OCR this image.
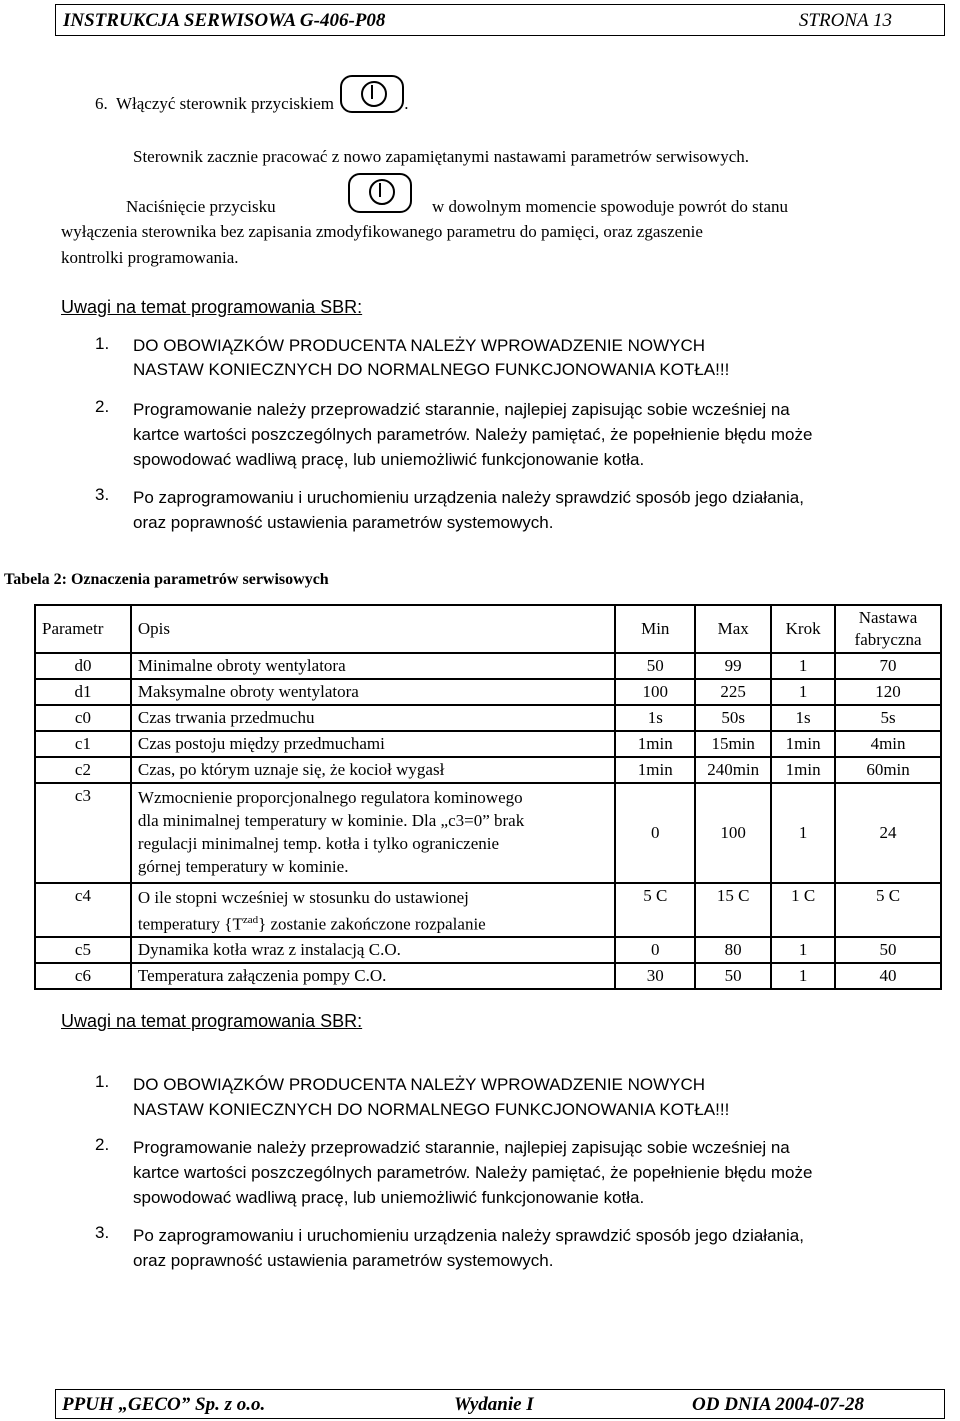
INSTRUKCJA SERWISOWA G-406-P08	STRONA 13
6. Włączyć sterownik przyciskiem	.
Sterownik zacznie pracować z nowo zapamiętanymi nastawami parametrów serwisowych.
Naciśnięcie przycisku	w dowolnym momencie spowoduje powrót do stanu
wyłączenia sterownika bez zapisania zmodyfikowanego parametru do pamięci, oraz zgaszenie
kontrolki programowania.
Uwagi na temat programowania SBR:
1. DO OBOWIĄZKÓW PRODUCENTA NALEŻY WPROWADZENIE NOWYCH
NASTAW KONIECZNYCH DO NORMALNEGO FUNKCJONOWANIA KOTŁA!!!
2. Programowanie należy przeprowadzić starannie, najlepiej zapisując sobie wcześniej na
kartce wartości poszczególnych parametrów. Należy pamiętać, że popełnienie błędu może
spowodować wadliwą pracę, lub uniemożliwić funkcjonowanie kotła.
3. Po zaprogramowaniu i uruchomieniu urządzenia należy sprawdzić sposób jego działania,
oraz poprawność ustawienia parametrów systemowych.
Tabela 2: Oznaczenia parametrów serwisowych
Parametr	Opis	Min	Max	Krok	Nastawa
fabryczna

d0	Minimalne obroty wentylatora	50	99	1	70
d1	Maksymalne obroty wentylatora	100	225	1	120
c0	Czas trwania przedmuchu	1s	50s	1s	5s
c1	Czas postoju między przedmuchami	1min	15min	1min	4min
c2	Czas, po którym uznaje się, że kocioł wygasł	1min	240min	1min	60min
c3	Wzmocnienie proporcjonalnego regulatora kominowego
dla minimalnej temperatury w kominie. Dla „c3=0” brak
regulacji minimalnej temp. kotła i tylko ograniczenie
górnej temperatury w kominie.	0	100	1	24
c4	O ile stopni wcześniej w stosunku do ustawionej
temperatury $\{T^{zad}\}$ zostanie zakończone rozpalanie	5 C	15 C	1 C	5 C
c5	Dynamika kotła wraz z instalacją C.O.	0	80	1	50
c6	Temperatura załączenia pompy C.O.	30	50	1	40
Uwagi na temat programowania SBR:
1. DO OBOWIĄZKÓW PRODUCENTA NALEŻY WPROWADZENIE NOWYCH
NASTAW KONIECZNYCH DO NORMALNEGO FUNKCJONOWANIA KOTŁA!!!
2. Programowanie należy przeprowadzić starannie, najlepiej zapisując sobie wcześniej na
kartce wartości poszczególnych parametrów. Należy pamiętać, że popełnienie błędu może
spowodować wadliwą pracę, lub uniemożliwić funkcjonowanie kotła.
3. Po zaprogramowaniu i uruchomieniu urządzenia należy sprawdzić sposób jego działania,
oraz poprawność ustawienia parametrów systemowych.
PPUH „GECO” Sp. z o.o.	Wydanie I	OD DNIA 2004-07-28
